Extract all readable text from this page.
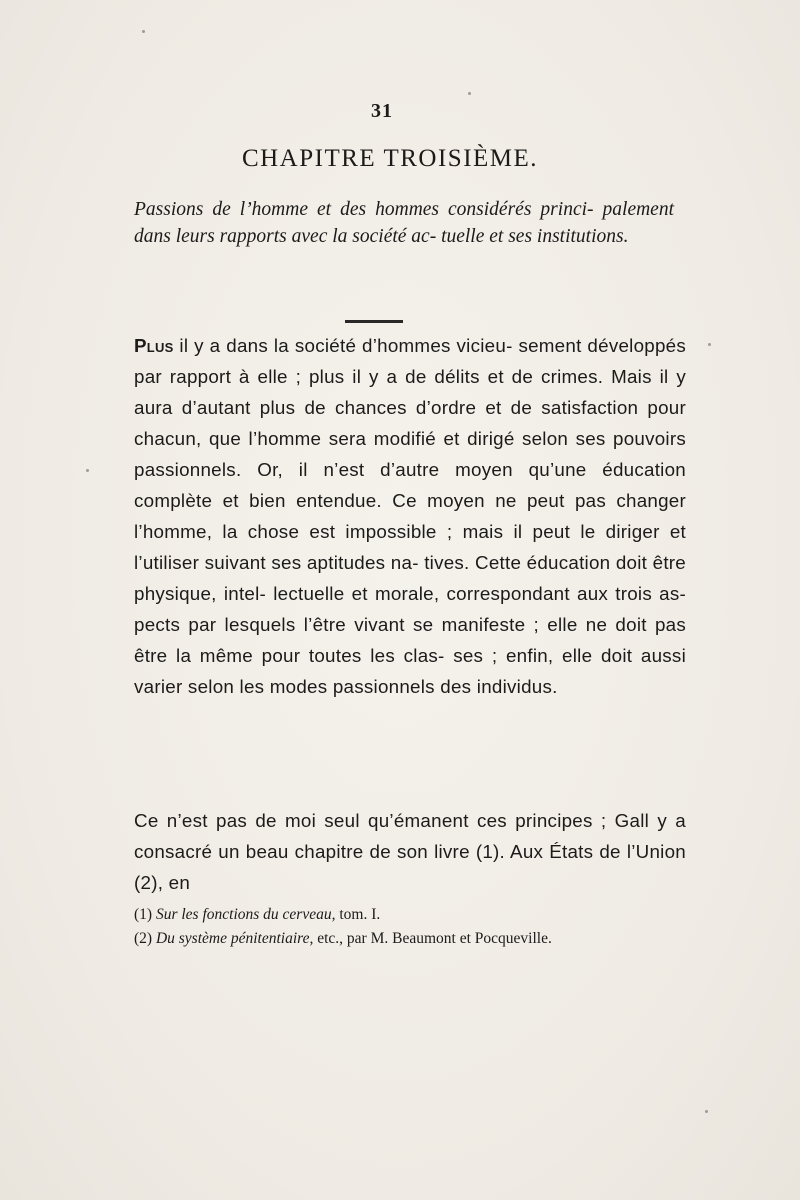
31
CHAPITRE TROISIÈME.
Passions de l’homme et des hommes considérés princi- palement dans leurs rapports avec la société ac- tuelle et ses institutions.

Plus il y a dans la société d’hommes vicieu- sement développés par rapport à elle ; plus il y a de délits et de crimes. Mais il y aura d’autant plus de chances d’ordre et de satisfaction pour chacun, que l’homme sera modifié et dirigé selon ses pouvoirs passionnels. Or, il n’est d’autre moyen qu’une éducation complète et bien entendue. Ce moyen ne peut pas changer l’homme, la chose est impossible ; mais il peut le diriger et l’utiliser suivant ses aptitudes na- tives. Cette éducation doit être physique, intel- lectuelle et morale, correspondant aux trois as- pects par lesquels l’être vivant se manifeste ; elle ne doit pas être la même pour toutes les clas- ses ; enfin, elle doit aussi varier selon les modes passionnels des individus.

Ce n’est pas de moi seul qu’émanent ces principes ; Gall y a consacré un beau chapitre de son livre (1). Aux États de l’Union (2), en

(1) Sur les fonctions du cerveau, tom. I.

(2) Du système pénitentiaire, etc., par M. Beaumont et Pocqueville.
